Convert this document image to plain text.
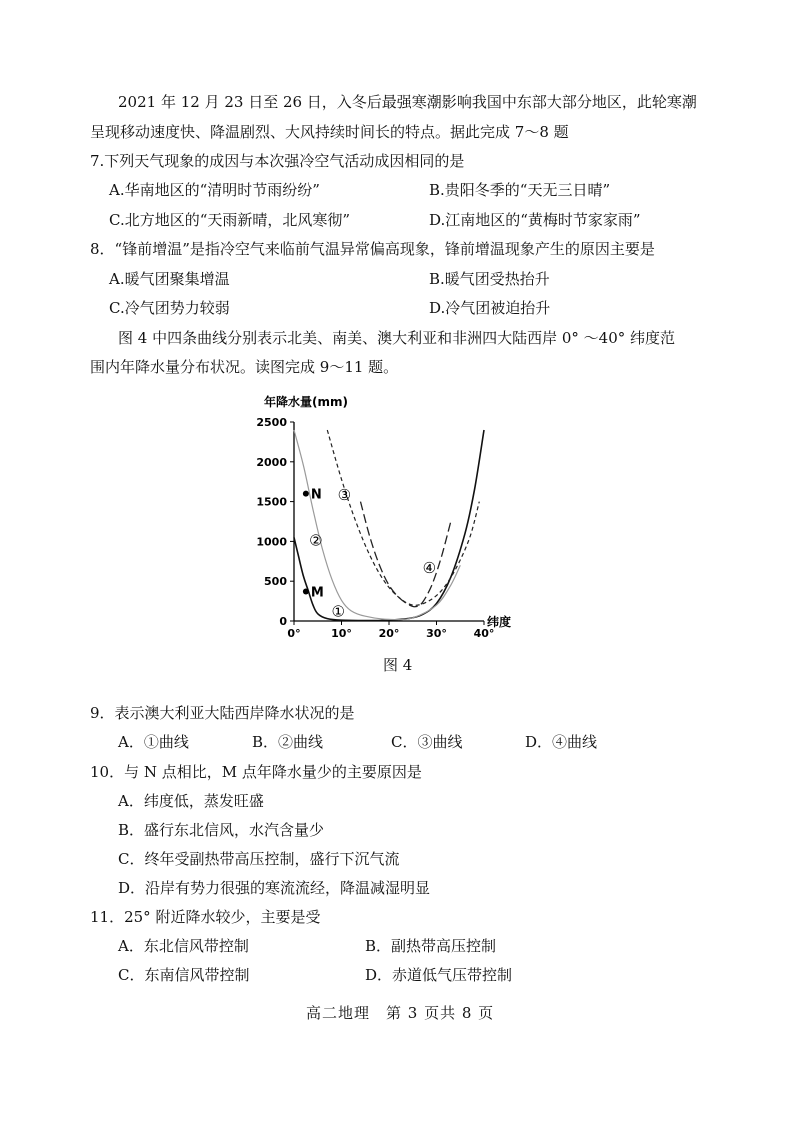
2021 年 12 月 23 日至 26 日，入冬后最强寒潮影响我国中东部大部分地区，此轮寒潮
呈现移动速度快、降温剧烈、大风持续时间长的特点。据此完成 7～8 题
7.下列天气现象的成因与本次强冷空气活动成因相同的是
A.华南地区的“清明时节雨纷纷”	B.贵阳冬季的“天无三日晴”
C.北方地区的“天雨新晴，北风寒彻”	D.江南地区的“黄梅时节家家雨”
8．“锋前增温”是指冷空气来临前气温异常偏高现象，锋前增温现象产生的原因主要是
A.暖气团聚集增温	B.暖气团受热抬升
C.冷气团势力较弱	D.冷气团被迫抬升
图 4 中四条曲线分别表示北美、南美、澳大利亚和非洲四大陆西岸 0° ～40° 纬度范
围内年降水量分布状况。读图完成 9～11 题。
年降水量(mm)
纬度
2500
2000
1500
1000
500
0
0°	10° 20° 30° 40°
N
M
①
②
③
④
图 4
9．表示澳大利亚大陆西岸降水状况的是
A．①曲线	B．②曲线	C．③曲线	D．④曲线
10．与 N 点相比，M 点年降水量少的主要原因是
A．纬度低，蒸发旺盛
B．盛行东北信风，水汽含量少
C．终年受副热带高压控制，盛行下沉气流
D．沿岸有势力很强的寒流流经，降温减湿明显
11．25° 附近降水较少，主要是受
A．东北信风带控制	B．副热带高压控制
C．东南信风带控制	D．赤道低气压带控制
高二地理　第 3 页共 8 页
